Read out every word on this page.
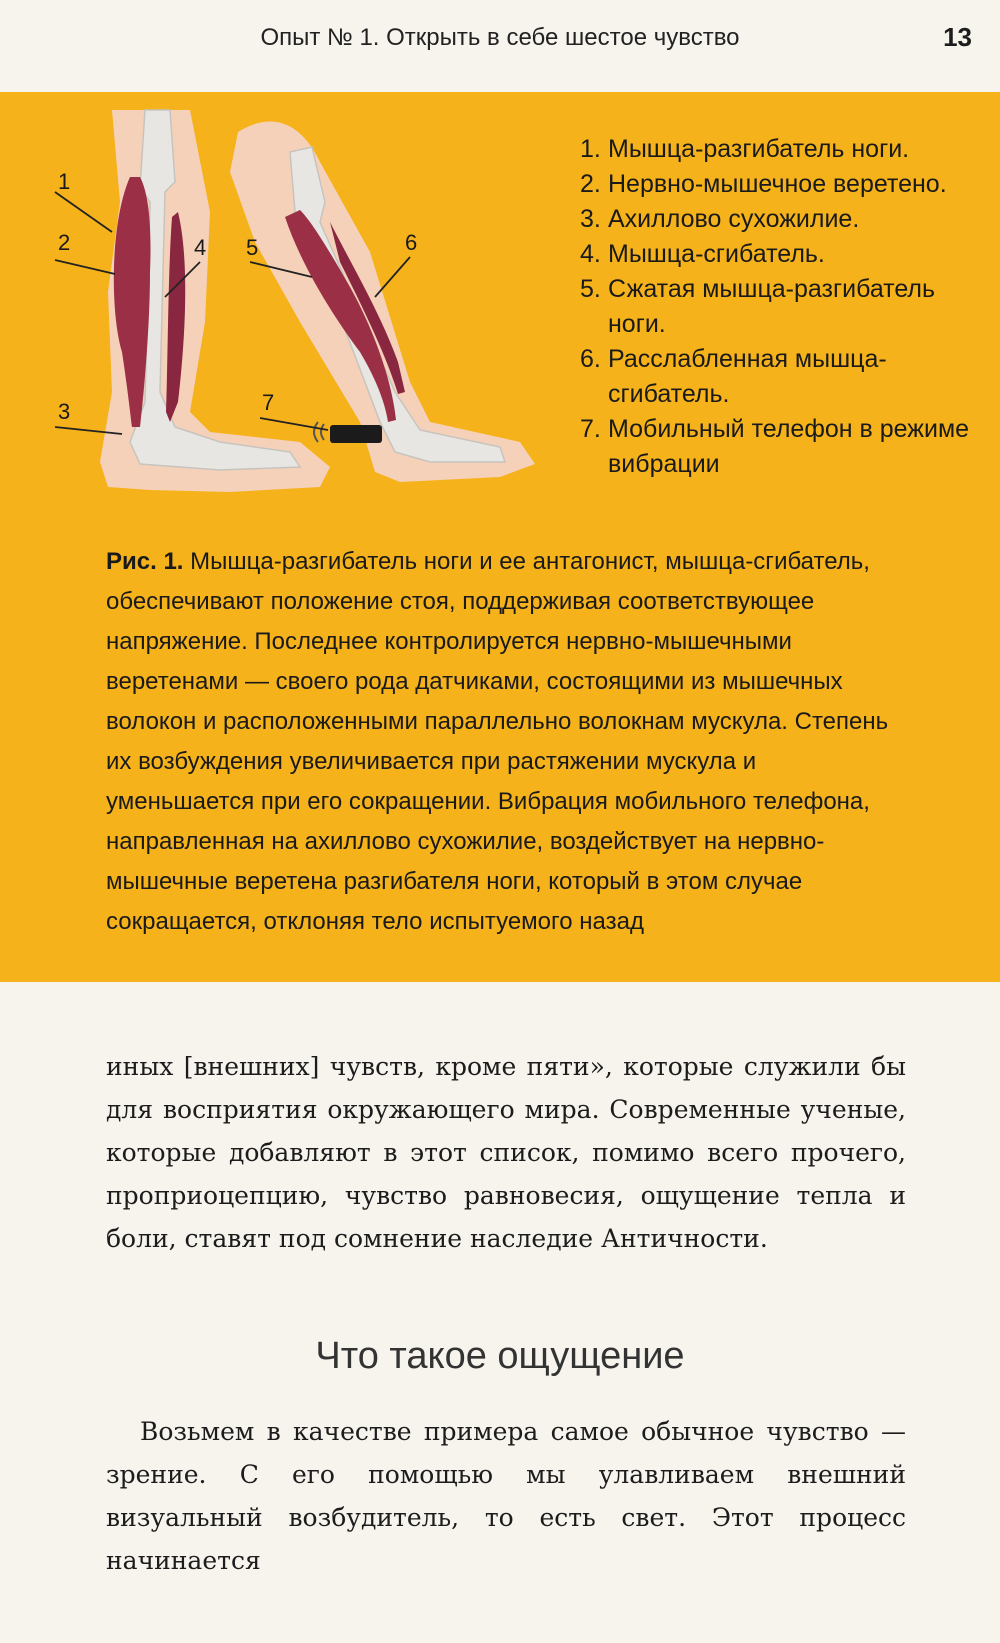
Опыт № 1. Открыть в себе шестое чувство	13
1
2
3
4 5	6
7
1. Мышца-разгибатель ноги.
2. Нервно-мышечное веретено.
3. Ахиллово сухожилие.
4. Мышца-сгибатель.
5. Сжатая мышца-разгибатель ноги.
6. Расслабленная мышца-сгибатель.
7. Мобильный телефон в режиме вибрации

Рис. 1. Мышца-разгибатель ноги и ее антагонист, мышца-сгибатель, обеспечивают положение стоя, поддерживая соответствующее напряжение. Последнее контролируется нервно-мышечными веретенами — своего рода датчиками, состоящими из мышечных волокон и расположенными параллельно волокнам мускула. Степень их возбуждения увеличивается при растяжении мускула и уменьшается при его сокращении. Вибрация мобильного телефона, направленная на ахиллово сухожилие, воздействует на нервно-мышечные веретена разгибателя ноги, который в этом случае сокращается, отклоняя тело испытуемого назад

иных [внешних] чувств, кроме пяти», которые служили бы для восприятия окружающего мира. Современные ученые, которые добавляют в этот список, помимо всего прочего, проприоцепцию, чувство равновесия, ощущение тепла и боли, ставят под сомнение наследие Античности.

Что такое ощущение

Возьмем в качестве примера самое обычное чувство — зрение. С его помощью мы улавливаем внешний визуальный возбудитель, то есть свет. Этот процесс начинается
